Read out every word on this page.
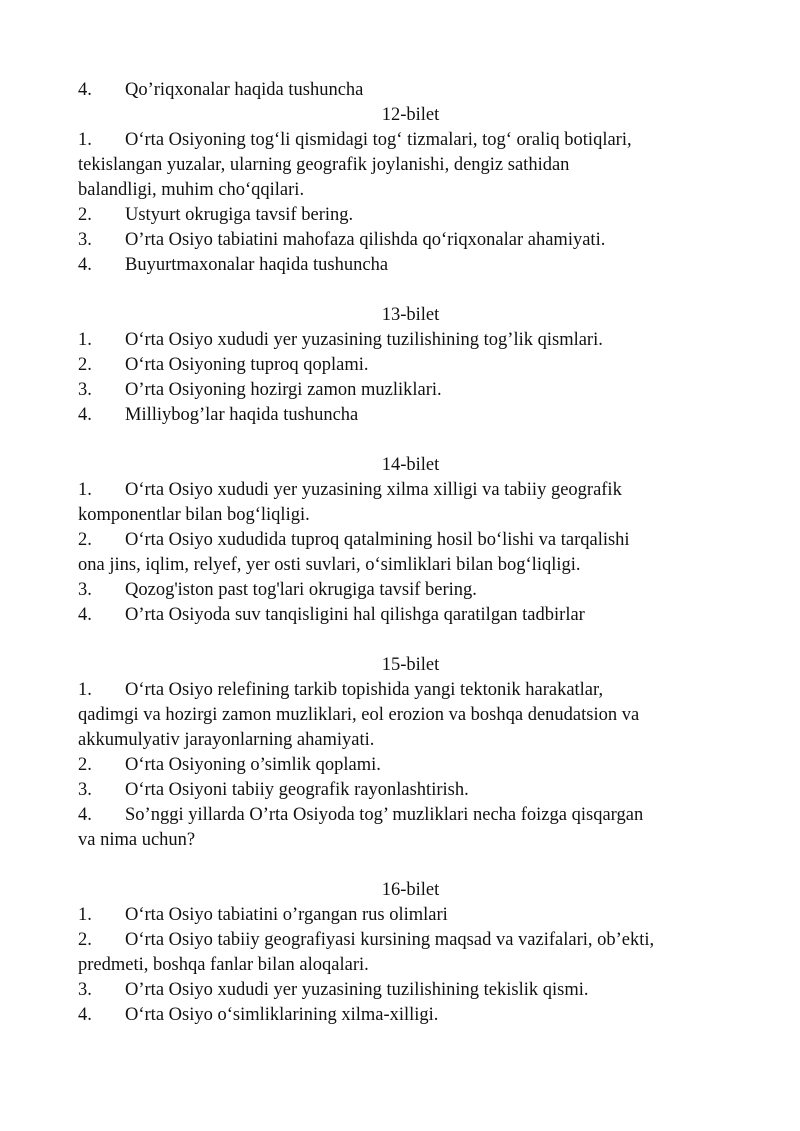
4. Qo’riqxonalar haqida tushuncha
12-bilet
1. O‘rta Osiyoning tog‘li qismidagi tog‘ tizmalari, tog‘ oraliq botiqlari,
tekislangan yuzalar, ularning geografik joylanishi, dengiz sathidan
balandligi, muhim cho‘qqilari.
2. Ustyurt okrugiga tavsif bering.
3. O’rta Osiyo tabiatini mahofaza qilishda qo‘riqxonalar ahamiyati.
4. Buyurtmaxonalar haqida tushuncha
13-bilet
1. O‘rta Osiyo xududi yer yuzasining tuzilishining tog’lik qismlari.
2. O‘rta Osiyoning tuproq qoplami.
3. O’rta Osiyoning hozirgi zamon muzliklari.
4. Milliybog’lar haqida tushuncha
14-bilet
1. O‘rta Osiyo xududi yer yuzasining xilma xilligi va tabiiy geografik
komponentlar bilan bog‘liqligi.
2. O‘rta Osiyo xududida tuproq qatalmining hosil bo‘lishi va tarqalishi
ona jins, iqlim, relyef, yer osti suvlari, o‘simliklari bilan bog‘liqligi.
3. Qozog'iston past tog'lari okrugiga tavsif bering.
4. O’rta Osiyoda suv tanqisligini hal qilishga qaratilgan tadbirlar
15-bilet
1. O‘rta Osiyo relefining tarkib topishida yangi tektonik harakatlar,
qadimgi va hozirgi zamon muzliklari, eol erozion va boshqa denudatsion va
akkumulyativ jarayonlarning ahamiyati.
2. O‘rta Osiyoning o’simlik qoplami.
3. O‘rta Osiyoni tabiiy geografik rayonlashtirish.
4. So’nggi yillarda O’rta Osiyoda tog’ muzliklari necha foizga qisqargan
va nima uchun?
16-bilet
1. O‘rta Osiyo tabiatini o’rgangan rus olimlari
2. O‘rta Osiyo tabiiy geografiyasi kursining maqsad va vazifalari, ob’ekti,
predmeti, boshqa fanlar bilan aloqalari.
3. O’rta Osiyo xududi yer yuzasining tuzilishining tekislik qismi.
4. O‘rta Osiyo o‘simliklarining xilma-xilligi.
